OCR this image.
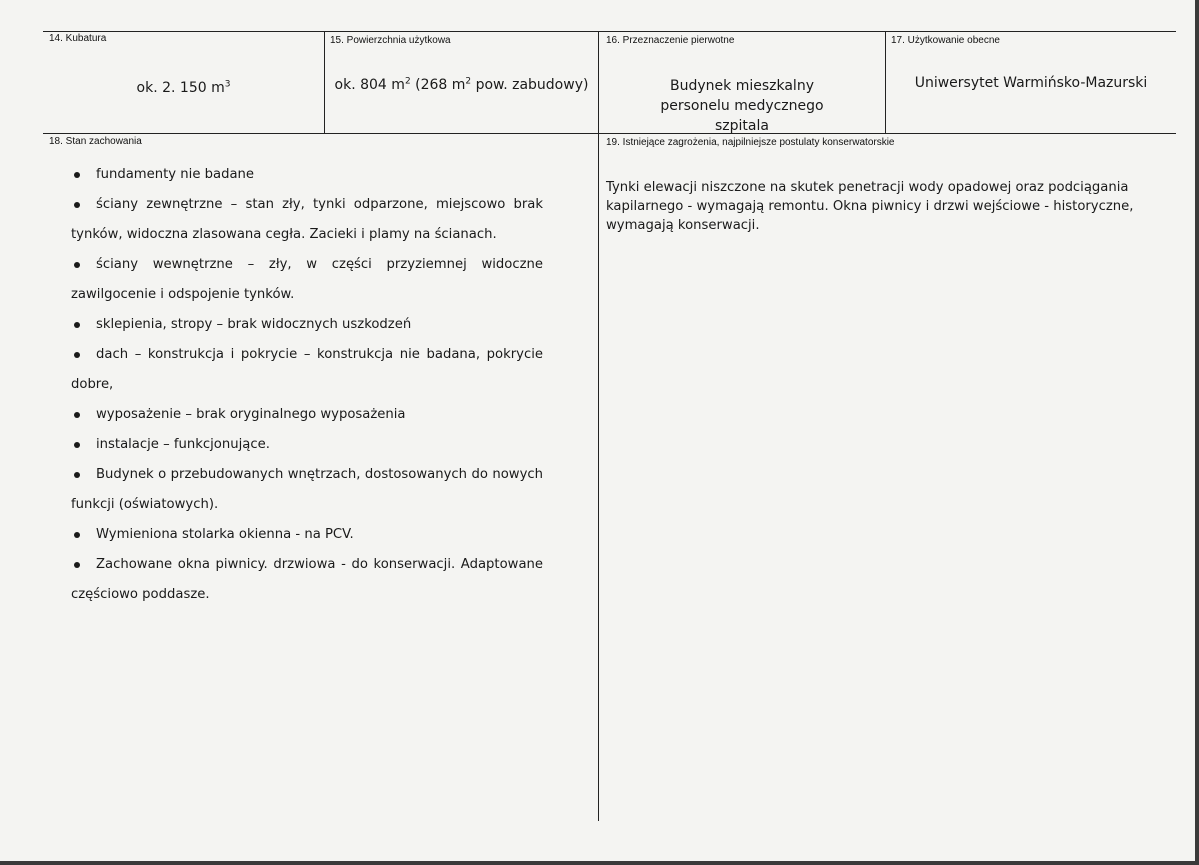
14. Kubatura
ok. 2. 150 $m^3$
15. Powierzchnia użytkowa
ok. 804 $m^2$ (268 $m^2$ pow. zabudowy)
16. Przeznaczenie pierwotne
Budynek mieszkalny personelu medycznego szpitala
17. Użytkowanie obecne
Uniwersytet Warmińsko-Mazurski
18. Stan zachowania
fundamenty nie badane
ściany zewnętrzne – stan zły, tynki odparzone, miejscowo brak tynków, widoczna zlasowana cegła. Zacieki i plamy na ścianach.
ściany wewnętrzne – zły, w części przyziemnej widoczne zawilgocenie i odspojenie tynków.
sklepienia, stropy – brak widocznych uszkodzeń
dach – konstrukcja i pokrycie – konstrukcja nie badana, pokrycie dobre,
wyposażenie – brak oryginalnego wyposażenia
instalacje – funkcjonujące.
Budynek o przebudowanych wnętrzach, dostosowanych do nowych funkcji (oświatowych).
Wymieniona stolarka okienna - na PCV.
Zachowane okna piwnicy. drzwiowa - do konserwacji. Adaptowane częściowo poddasze.
19. Istniejące zagrożenia, najpilniejsze postulaty konserwatorskie
Tynki elewacji niszczone na skutek penetracji wody opadowej oraz podciągania kapilarnego - wymagają remontu. Okna piwnicy i drzwi wejściowe - historyczne, wymagają konserwacji.
